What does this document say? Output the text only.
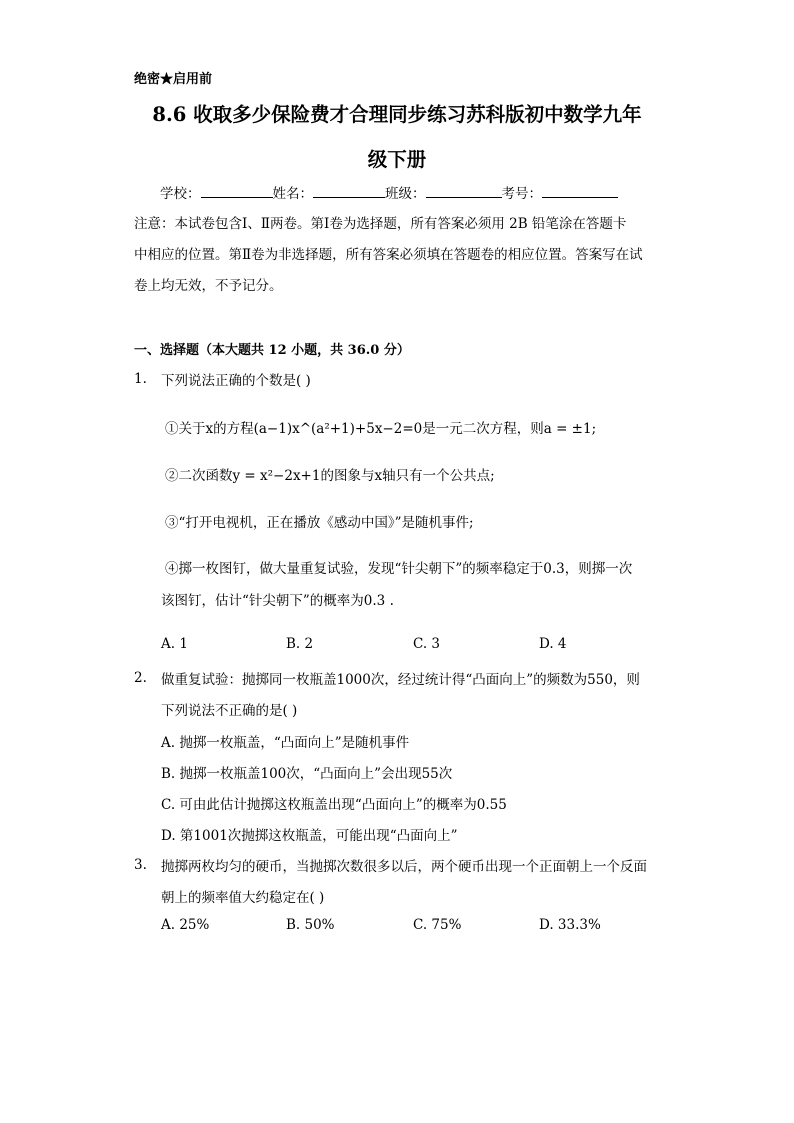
绝密★启用前
8.6 收取多少保险费才合理同步练习苏科版初中数学九年
级下册
学校：	姓名：	班级：	考号：
注意：本试卷包含Ⅰ、Ⅱ两卷。第Ⅰ卷为选择题，所有答案必须用 2B 铅笔涂在答题卡
中相应的位置。第Ⅱ卷为非选择题，所有答案必须填在答题卷的相应位置。答案写在试
卷上均无效，不予记分。
一、选择题（本大题共 12 小题，共 36.0 分）
1. 下列说法正确的个数是( )
①关于x的方程(a−1)x^(a²+1)+5x−2=0是一元二次方程，则a = ±1;
②二次函数y = x²−2x+1的图象与x轴只有一个公共点;
③“打开电视机，正在播放《感动中国》”是随机事件;
④掷一枚图钉，做大量重复试验，发现“针尖朝下”的频率稳定于0.3，则掷一次
该图钉，估计“针尖朝下”的概率为0.3 .
A. 1	B. 2	C. 3	D. 4
2. 做重复试验：抛掷同一枚瓶盖1000次，经过统计得“凸面向上”的频数为550，则
下列说法不正确的是( )
A. 抛掷一枚瓶盖，“凸面向上”是随机事件
B. 抛掷一枚瓶盖100次，“凸面向上”会出现55次
C. 可由此估计抛掷这枚瓶盖出现“凸面向上”的概率为0.55
D. 第1001次抛掷这枚瓶盖，可能出现“凸面向上”
3. 抛掷两枚均匀的硬币，当抛掷次数很多以后，两个硬币出现一个正面朝上一个反面
朝上的频率值大约稳定在( )
A. 25%	B. 50%	C. 75%	D. 33.3%
